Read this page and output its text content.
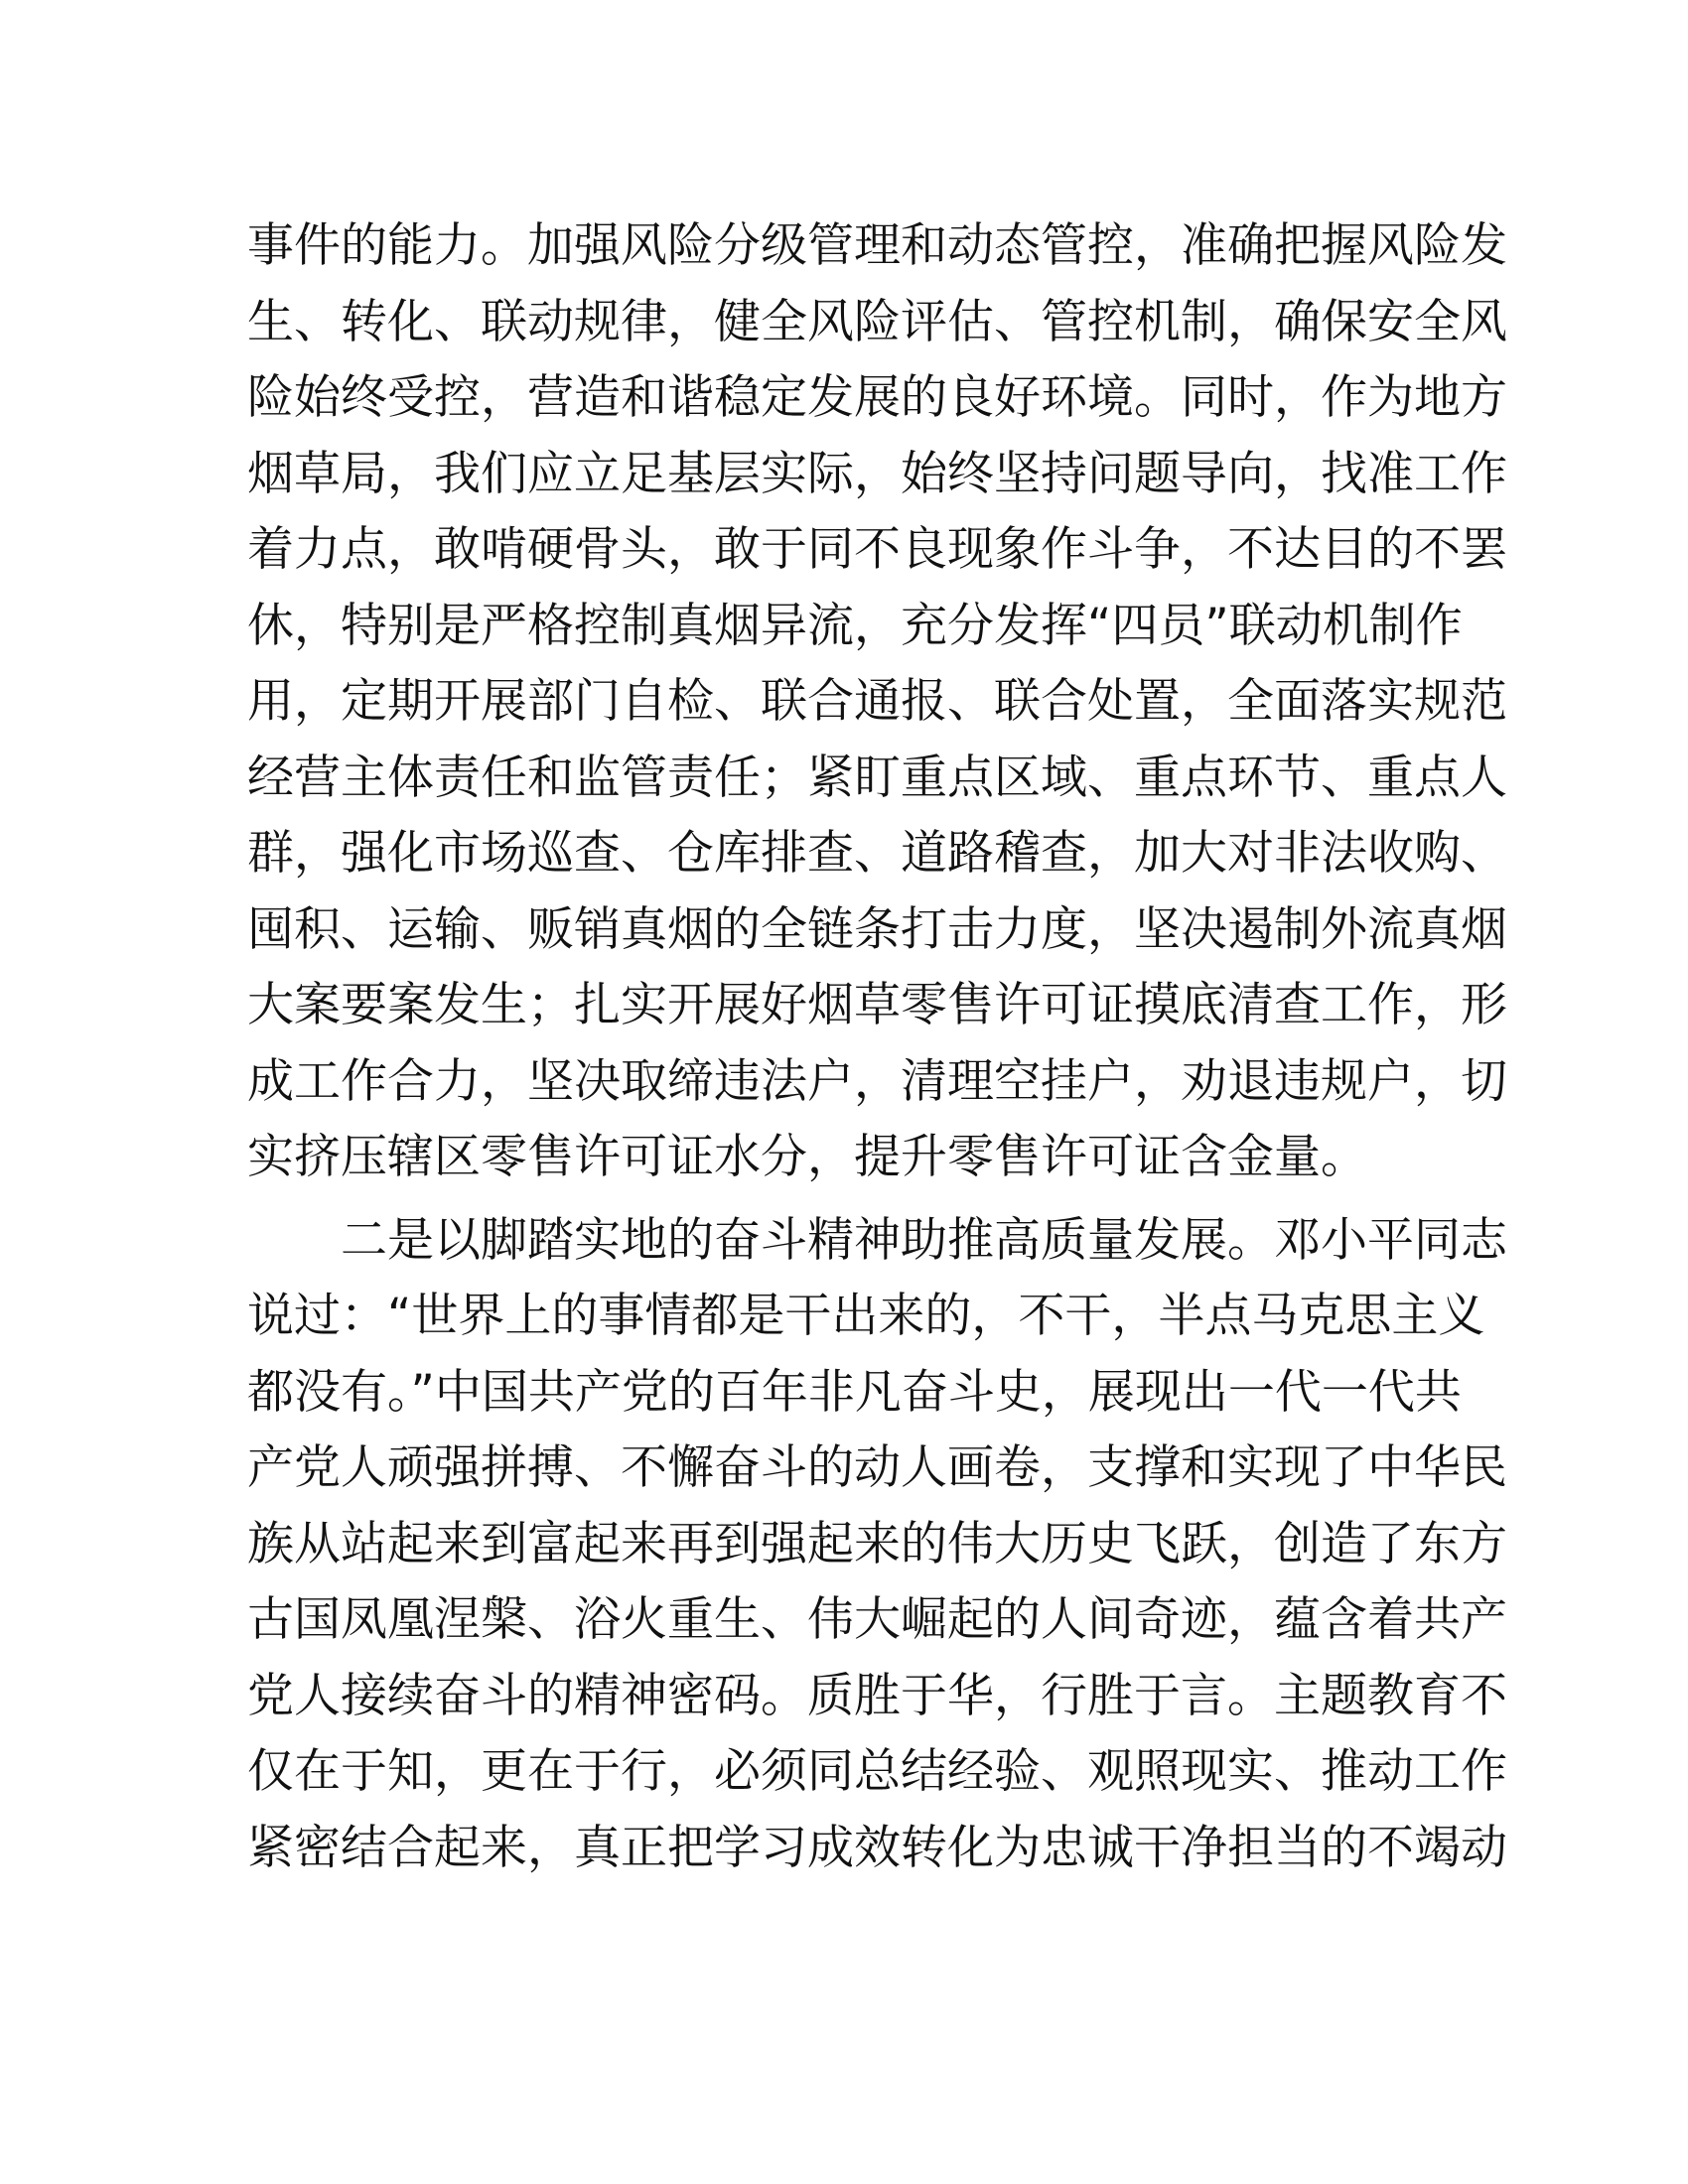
事件的能力。加强风险分级管理和动态管控，准确把握风险发
生、转化、联动规律，健全风险评估、管控机制，确保安全风
险始终受控，营造和谐稳定发展的良好环境。同时，作为地方
烟草局，我们应立足基层实际，始终坚持问题导向，找准工作
着力点，敢啃硬骨头，敢于同不良现象作斗争，不达目的不罢
休，特别是严格控制真烟异流，充分发挥“四员”联动机制作
用，定期开展部门自检、联合通报、联合处置，全面落实规范
经营主体责任和监管责任；紧盯重点区域、重点环节、重点人
群，强化市场巡查、仓库排查、道路稽查，加大对非法收购、
囤积、运输、贩销真烟的全链条打击力度，坚决遏制外流真烟
大案要案发生；扎实开展好烟草零售许可证摸底清查工作，形
成工作合力，坚决取缔违法户，清理空挂户，劝退违规户，切
实挤压辖区零售许可证水分，提升零售许可证含金量。
二是以脚踏实地的奋斗精神助推高质量发展。邓小平同志
说过：“世界上的事情都是干出来的，不干，半点马克思主义
都没有。”中国共产党的百年非凡奋斗史，展现出一代一代共
产党人顽强拼搏、不懈奋斗的动人画卷，支撑和实现了中华民
族从站起来到富起来再到强起来的伟大历史飞跃，创造了东方
古国凤凰涅槃、浴火重生、伟大崛起的人间奇迹，蕴含着共产
党人接续奋斗的精神密码。质胜于华，行胜于言。主题教育不
仅在于知，更在于行，必须同总结经验、观照现实、推动工作
紧密结合起来，真正把学习成效转化为忠诚干净担当的不竭动
